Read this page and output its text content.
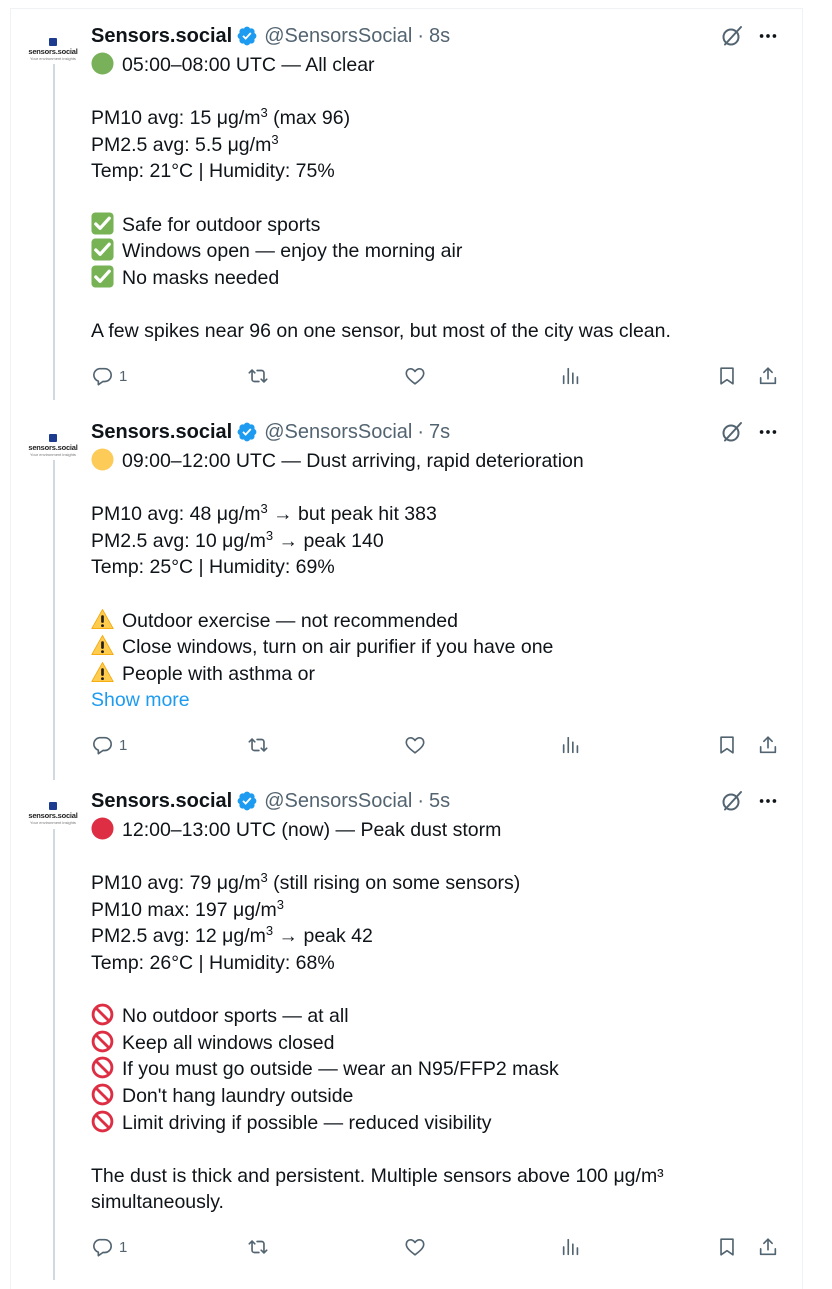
sensors.social
Your environment insights
Sensors.social @SensorsSocial · 8s
05:00–08:00 UTC — All clear
PM10 avg: 15 $\mu g/m^3$ (max 96)
PM2.5 avg: 5.5 $\mu g/m^3$
Temp: 21°C | Humidity: 75%
Safe for outdoor sports
Windows open — enjoy the morning air
No masks needed
A few spikes near 96 on one sensor, but most of the city was clean.
1
sensors.social
Your environment insights
Sensors.social @SensorsSocial · 7s
09:00–12:00 UTC — Dust arriving, rapid deterioration
PM10 avg: 48 $\mu g/m^3$ → but peak hit 383
PM2.5 avg: 10 $\mu g/m^3$ → peak 140
Temp: 25°C | Humidity: 69%
Outdoor exercise — not recommended
Close windows, turn on air purifier if you have one
People with asthma or
Show more
1
sensors.social
Your environment insights
Sensors.social @SensorsSocial · 5s
12:00–13:00 UTC (now) — Peak dust storm
PM10 avg: 79 $\mu g/m^3$ (still rising on some sensors)
PM10 max: 197 $\mu g/m^3$
PM2.5 avg: 12 $\mu g/m^3$ → peak 42
Temp: 26°C | Humidity: 68%
No outdoor sports — at all
Keep all windows closed
If you must go outside — wear an N95/FFP2 mask
Don't hang laundry outside
Limit driving if possible — reduced visibility
The dust is thick and persistent. Multiple sensors above 100 μg/m³
simultaneously.
1
